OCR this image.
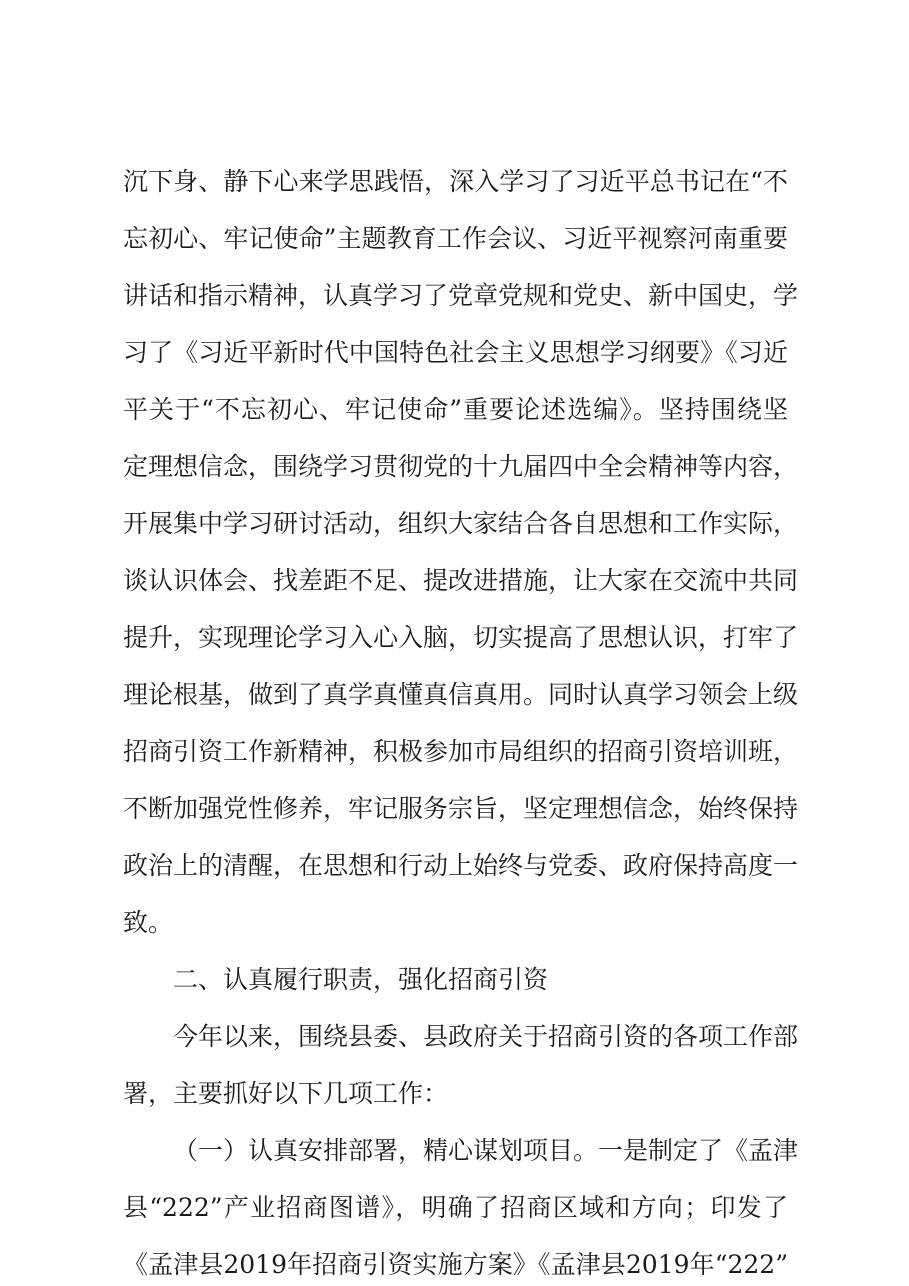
沉下身、静下心来学思践悟，深入学习了习近平总书记在“不
忘初心、牢记使命”主题教育工作会议、习近平视察河南重要
讲话和指示精神，认真学习了党章党规和党史、新中国史，学
习了《习近平新时代中国特色社会主义思想学习纲要》《习近
平关于“不忘初心、牢记使命”重要论述选编》。坚持围绕坚
定理想信念，围绕学习贯彻党的十九届四中全会精神等内容，
开展集中学习研讨活动，组织大家结合各自思想和工作实际，
谈认识体会、找差距不足、提改进措施，让大家在交流中共同
提升，实现理论学习入心入脑，切实提高了思想认识，打牢了
理论根基，做到了真学真懂真信真用。同时认真学习领会上级
招商引资工作新精神，积极参加市局组织的招商引资培训班，
不断加强党性修养，牢记服务宗旨，坚定理想信念，始终保持
政治上的清醒，在思想和行动上始终与党委、政府保持高度一
致。
二、认真履行职责，强化招商引资
今年以来，围绕县委、县政府关于招商引资的各项工作部
署，主要抓好以下几项工作：
（一）认真安排部署，精心谋划项目。一是制定了《孟津
县“222”产业招商图谱》，明确了招商区域和方向；印发了
《孟津县2019年招商引资实施方案》《孟津县2019年“222”
